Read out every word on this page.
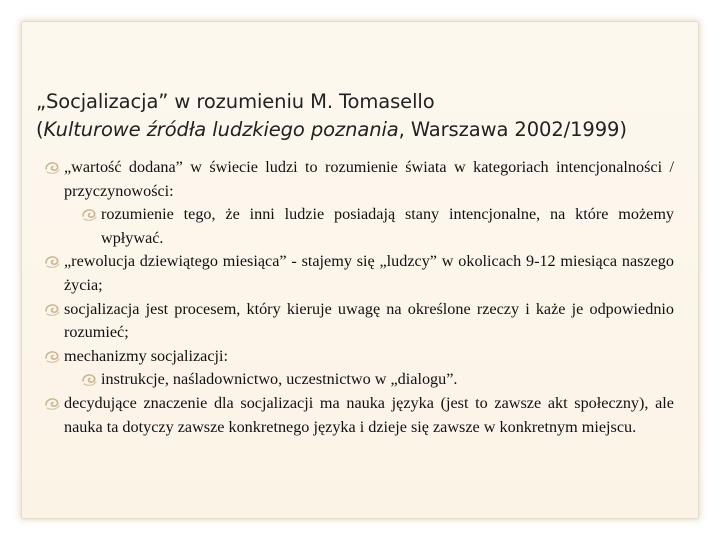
„Socjalizacja” w rozumieniu M. Tomasello
(Kulturowe źródła ludzkiego poznania, Warszawa 2002/1999)
„wartość dodana” w świecie ludzi to rozumienie świata w kategoriach intencjonalności / przyczynowości:
rozumienie tego, że inni ludzie posiadają stany intencjonalne, na które możemy wpływać.
„rewolucja dziewiątego miesiąca” - stajemy się „ludzcy” w okolicach 9-12 miesiąca naszego życia;
socjalizacja jest procesem, który kieruje uwagę na określone rzeczy i każe je odpowiednio rozumieć;
mechanizmy socjalizacji:
instrukcje, naśladownictwo, uczestnictwo w „dialogu”.
decydujące znaczenie dla socjalizacji ma nauka języka (jest to zawsze akt społeczny), ale nauka ta dotyczy zawsze konkretnego języka i dzieje się zawsze w konkretnym miejscu.
